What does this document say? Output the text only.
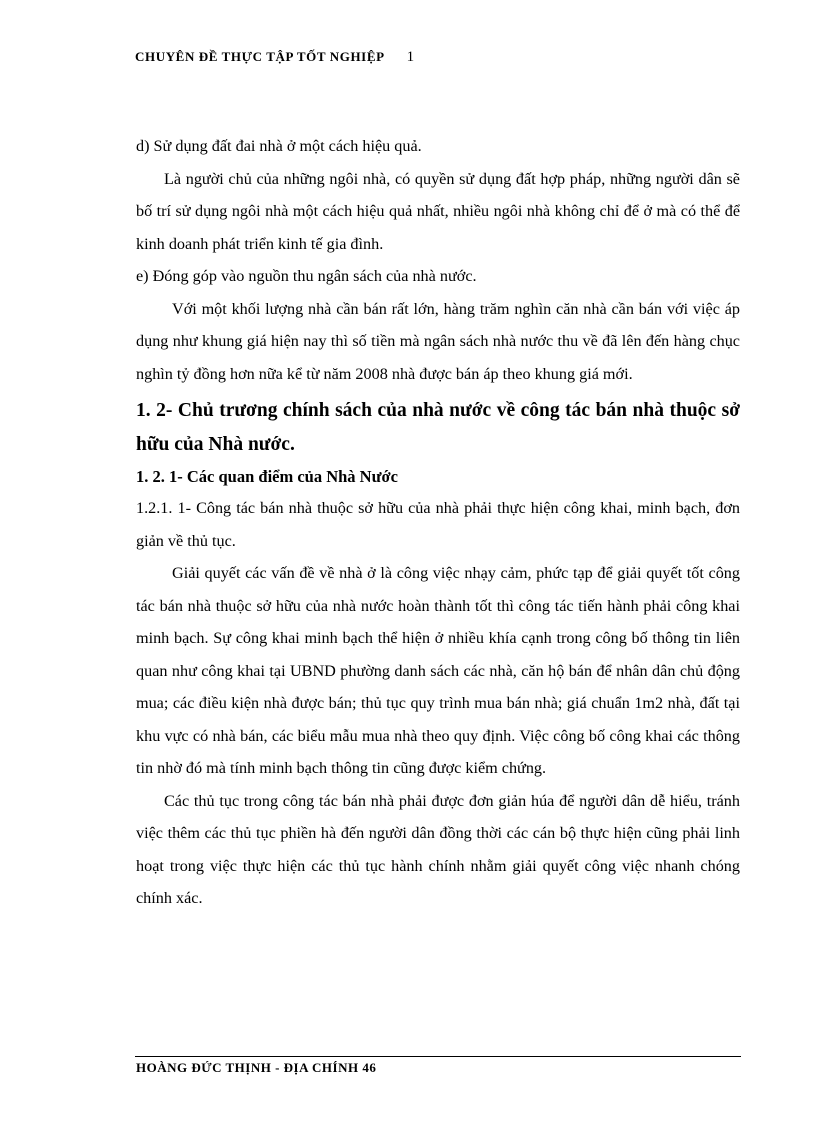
CHUYÊN ĐỀ THỰC TẬP TỐT NGHIỆP 1

d) Sử dụng đất đai nhà ở một cách hiệu quả.

Là người chủ của những ngôi nhà, có quyền sử dụng đất hợp pháp, những người dân sẽ bố trí sử dụng ngôi nhà một cách hiệu quả nhất, nhiều ngôi nhà không chỉ để ở mà có thể để kinh doanh phát triển kinh tế gia đình.

e) Đóng góp vào nguồn thu ngân sách của nhà nước.

Với một khối lượng nhà cần bán rất lớn, hàng trăm nghìn căn nhà cần bán với việc áp dụng như khung giá hiện nay thì số tiền mà ngân sách nhà nước thu về đã lên đến hàng chục nghìn tỷ đồng hơn nữa kể từ năm 2008 nhà được bán áp theo khung giá mới.

1. 2- Chủ trương chính sách của nhà nước về công tác bán nhà thuộc sở hữu của Nhà nước.

1. 2. 1- Các quan điểm của Nhà Nước

1.2.1. 1- Công tác bán nhà thuộc sở hữu của nhà phải thực hiện công khai, minh bạch, đơn giản về thủ tục.

Giải quyết các vấn đề về nhà ở là công việc nhạy cảm, phức tạp để giải quyết tốt công tác bán nhà thuộc sở hữu của nhà nước hoàn thành tốt thì công tác tiến hành phải công khai minh bạch. Sự công khai minh bạch thể hiện ở nhiều khía cạnh trong công bố thông tin liên quan như công khai tại UBND phường danh sách các nhà, căn hộ bán để nhân dân chủ động mua; các điều kiện nhà được bán; thủ tục quy trình mua bán nhà; giá chuẩn 1m2 nhà, đất tại khu vực có nhà bán, các biểu mẫu mua nhà theo quy định. Việc công bố công khai các thông tin nhờ đó mà tính minh bạch thông tin cũng được kiểm chứng.

Các thủ tục trong công tác bán nhà phải được đơn giản húa để người dân dễ hiểu, tránh việc thêm các thủ tục phiền hà đến người dân đồng thời các cán bộ thực hiện cũng phải linh hoạt trong việc thực hiện các thủ tục hành chính nhằm giải quyết công việc nhanh chóng chính xác.

HOÀNG ĐỨC THỊNH - ĐỊA CHÍNH 46
